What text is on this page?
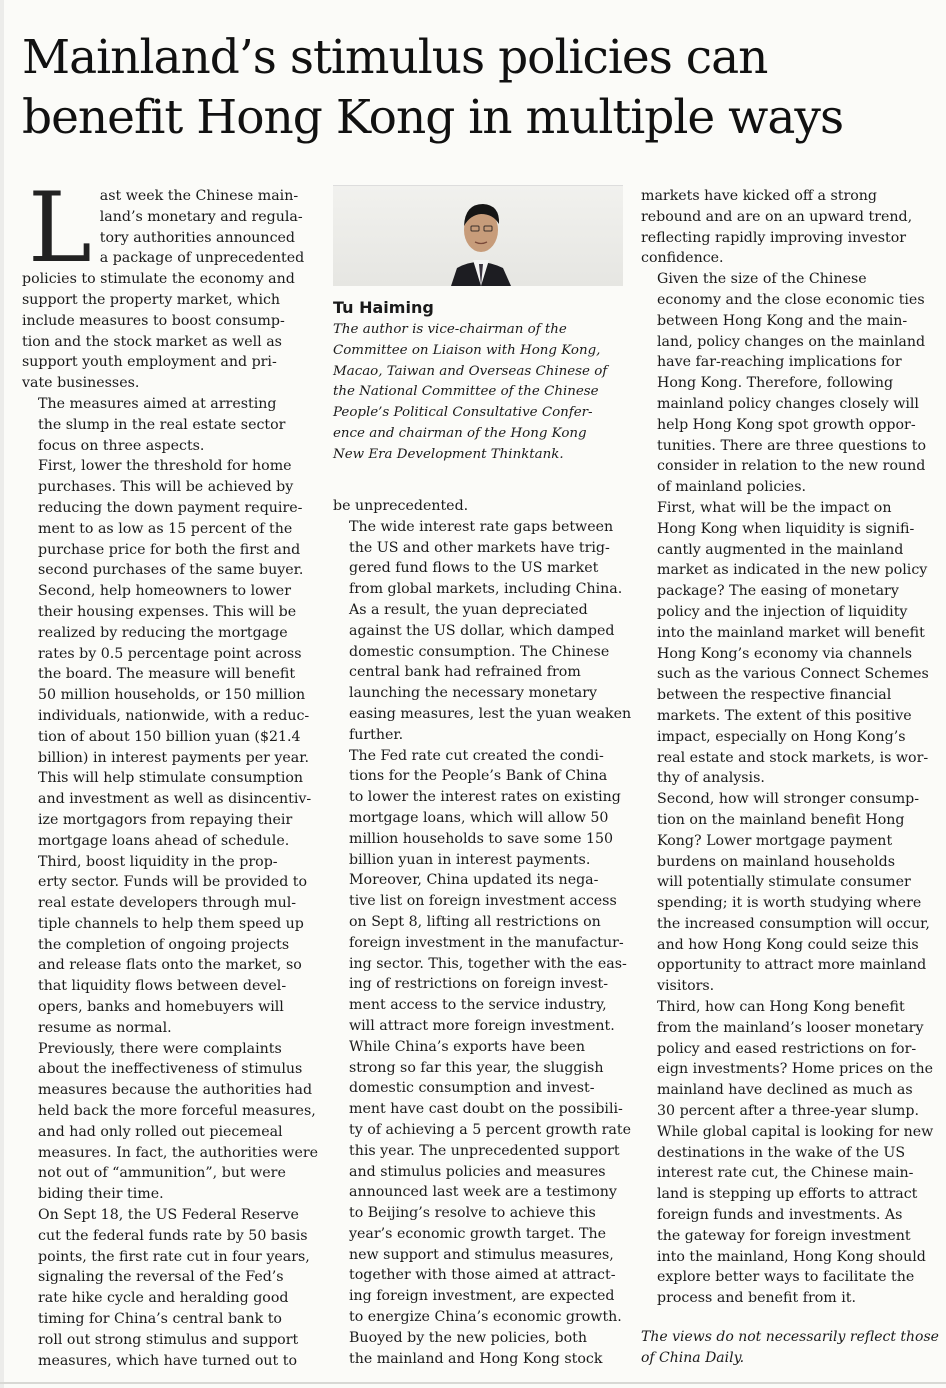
Mainland’s stimulus policies can
benefit Hong Kong in multiple ways

L ast week the Chinese main-
land’s monetary and regula-
tory authorities announced
a package of unprecedented
policies to stimulate the economy and
support the property market, which
include measures to boost consump-
tion and the stock market as well as
support youth employment and pri-
vate businesses.

The measures aimed at arresting
the slump in the real estate sector
focus on three aspects.

First, lower the threshold for home
purchases. This will be achieved by
reducing the down payment require-
ment to as low as 15 percent of the
purchase price for both the first and
second purchases of the same buyer.

Second, help homeowners to lower
their housing expenses. This will be
realized by reducing the mortgage
rates by 0.5 percentage point across
the board. The measure will benefit
50 million households, or 150 million
individuals, nationwide, with a reduc-
tion of about 150 billion yuan ($21.4
billion) in interest payments per year.
This will help stimulate consumption
and investment as well as disincentiv-
ize mortgagors from repaying their
mortgage loans ahead of schedule.

Third, boost liquidity in the prop-
erty sector. Funds will be provided to
real estate developers through mul-
tiple channels to help them speed up
the completion of ongoing projects
and release flats onto the market, so
that liquidity flows between devel-
opers, banks and homebuyers will
resume as normal.

Previously, there were complaints
about the ineffectiveness of stimulus
measures because the authorities had
held back the more forceful measures,
and had only rolled out piecemeal
measures. In fact, the authorities were
not out of “ammunition”, but were
biding their time.

On Sept 18, the US Federal Reserve
cut the federal funds rate by 50 basis
points, the first rate cut in four years,
signaling the reversal of the Fed’s
rate hike cycle and heralding good
timing for China’s central bank to
roll out strong stimulus and support
measures, which have turned out to

Tu Haiming
The author is vice-chairman of the
Committee on Liaison with Hong Kong,
Macao, Taiwan and Overseas Chinese of
the National Committee of the Chinese
People’s Political Consultative Confer-
ence and chairman of the Hong Kong
New Era Development Thinktank.

be unprecedented.

The wide interest rate gaps between
the US and other markets have trig-
gered fund flows to the US market
from global markets, including China.
As a result, the yuan depreciated
against the US dollar, which damped
domestic consumption. The Chinese
central bank had refrained from
launching the necessary monetary
easing measures, lest the yuan weaken
further.

The Fed rate cut created the condi-
tions for the People’s Bank of China
to lower the interest rates on existing
mortgage loans, which will allow 50
million households to save some 150
billion yuan in interest payments.

Moreover, China updated its nega-
tive list on foreign investment access
on Sept 8, lifting all restrictions on
foreign investment in the manufactur-
ing sector. This, together with the eas-
ing of restrictions on foreign invest-
ment access to the service industry,
will attract more foreign investment.

While China’s exports have been
strong so far this year, the sluggish
domestic consumption and invest-
ment have cast doubt on the possibili-
ty of achieving a 5 percent growth rate
this year. The unprecedented support
and stimulus policies and measures
announced last week are a testimony
to Beijing’s resolve to achieve this
year’s economic growth target. The
new support and stimulus measures,
together with those aimed at attract-
ing foreign investment, are expected
to energize China’s economic growth.

Buoyed by the new policies, both
the mainland and Hong Kong stock

markets have kicked off a strong
rebound and are on an upward trend,
reflecting rapidly improving investor
confidence.

Given the size of the Chinese
economy and the close economic ties
between Hong Kong and the main-
land, policy changes on the mainland
have far-reaching implications for
Hong Kong. Therefore, following
mainland policy changes closely will
help Hong Kong spot growth oppor-
tunities. There are three questions to
consider in relation to the new round
of mainland policies.

First, what will be the impact on
Hong Kong when liquidity is signifi-
cantly augmented in the mainland
market as indicated in the new policy
package? The easing of monetary
policy and the injection of liquidity
into the mainland market will benefit
Hong Kong’s economy via channels
such as the various Connect Schemes
between the respective financial
markets. The extent of this positive
impact, especially on Hong Kong’s
real estate and stock markets, is wor-
thy of analysis.

Second, how will stronger consump-
tion on the mainland benefit Hong
Kong? Lower mortgage payment
burdens on mainland households
will potentially stimulate consumer
spending; it is worth studying where
the increased consumption will occur,
and how Hong Kong could seize this
opportunity to attract more mainland
visitors.

Third, how can Hong Kong benefit
from the mainland’s looser monetary
policy and eased restrictions on for-
eign investments? Home prices on the
mainland have declined as much as
30 percent after a three-year slump.
While global capital is looking for new
destinations in the wake of the US
interest rate cut, the Chinese main-
land is stepping up efforts to attract
foreign funds and investments. As
the gateway for foreign investment
into the mainland, Hong Kong should
explore better ways to facilitate the
process and benefit from it.

The views do not necessarily reflect those
of China Daily.
